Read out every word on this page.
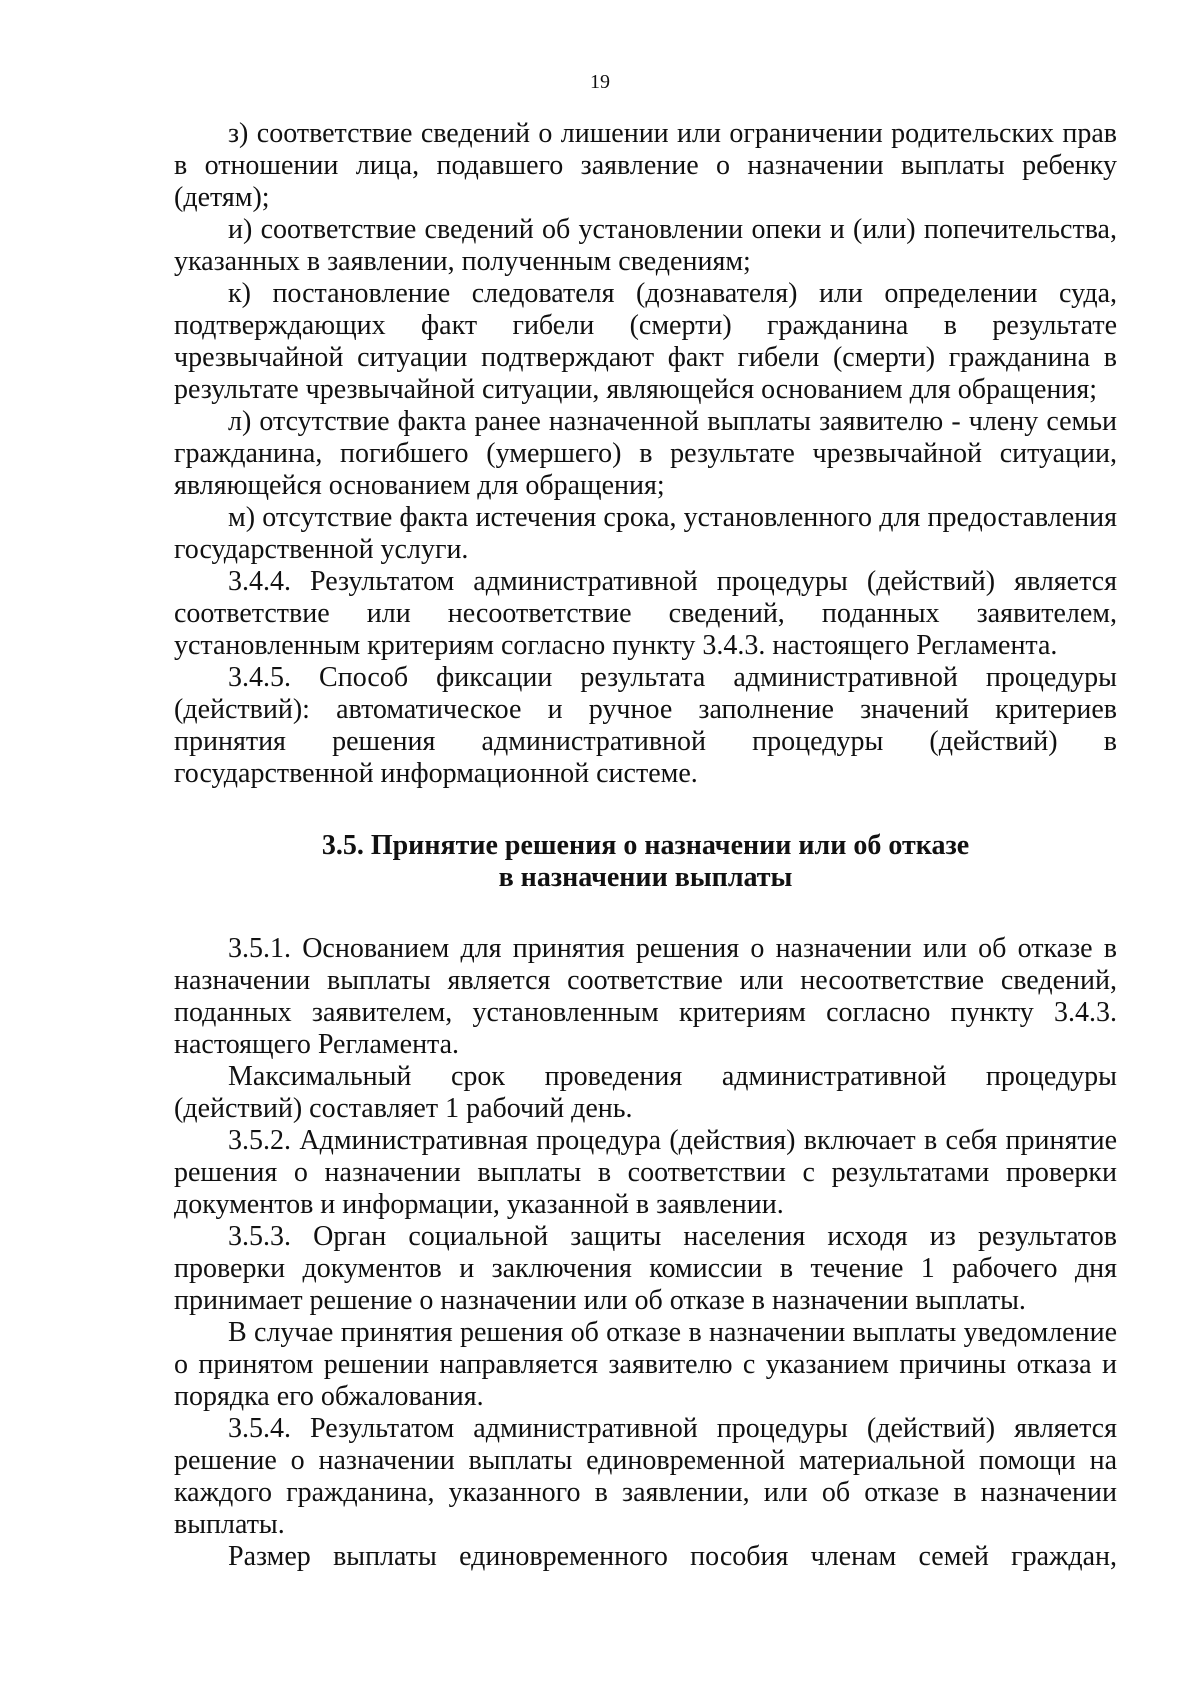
19

з) соответствие сведений о лишении или ограничении родительских прав в отношении лица, подавшего заявление о назначении выплаты ребенку (детям);

и) соответствие сведений об установлении опеки и (или) попечительства, указанных в заявлении, полученным сведениям;

к) постановление следователя (дознавателя) или определении суда, подтверждающих факт гибели (смерти) гражданина в результате чрезвычайной ситуации подтверждают факт гибели (смерти) гражданина в результате чрезвычайной ситуации, являющейся основанием для обращения;

л) отсутствие факта ранее назначенной выплаты заявителю - члену семьи гражданина, погибшего (умершего) в результате чрезвычайной ситуации, являющейся основанием для обращения;

м) отсутствие факта истечения срока, установленного для предоставления государственной услуги.

3.4.4. Результатом административной процедуры (действий) является соответствие или несоответствие сведений, поданных заявителем, установленным критериям согласно пункту 3.4.3. настоящего Регламента.

3.4.5. Способ фиксации результата административной процедуры (действий): автоматическое и ручное заполнение значений критериев принятия решения административной процедуры (действий) в государственной информационной системе.

3.5. Принятие решения о назначении или об отказе
в назначении выплаты

3.5.1. Основанием для принятия решения о назначении или об отказе в назначении выплаты является соответствие или несоответствие сведений, поданных заявителем, установленным критериям согласно пункту 3.4.3. настоящего Регламента.

Максимальный срок проведения административной процедуры (действий) составляет 1 рабочий день.

3.5.2. Административная процедура (действия) включает в себя принятие решения о назначении выплаты в соответствии с результатами проверки документов и информации, указанной в заявлении.

3.5.3. Орган социальной защиты населения исходя из результатов проверки документов и заключения комиссии в течение 1 рабочего дня принимает решение о назначении или об отказе в назначении выплаты.

В случае принятия решения об отказе в назначении выплаты уведомление о принятом решении направляется заявителю с указанием причины отказа и порядка его обжалования.

3.5.4. Результатом административной процедуры (действий) является решение о назначении выплаты единовременной материальной помощи на каждого гражданина, указанного в заявлении, или об отказе в назначении выплаты.

Размер выплаты единовременного пособия членам семей граждан,
